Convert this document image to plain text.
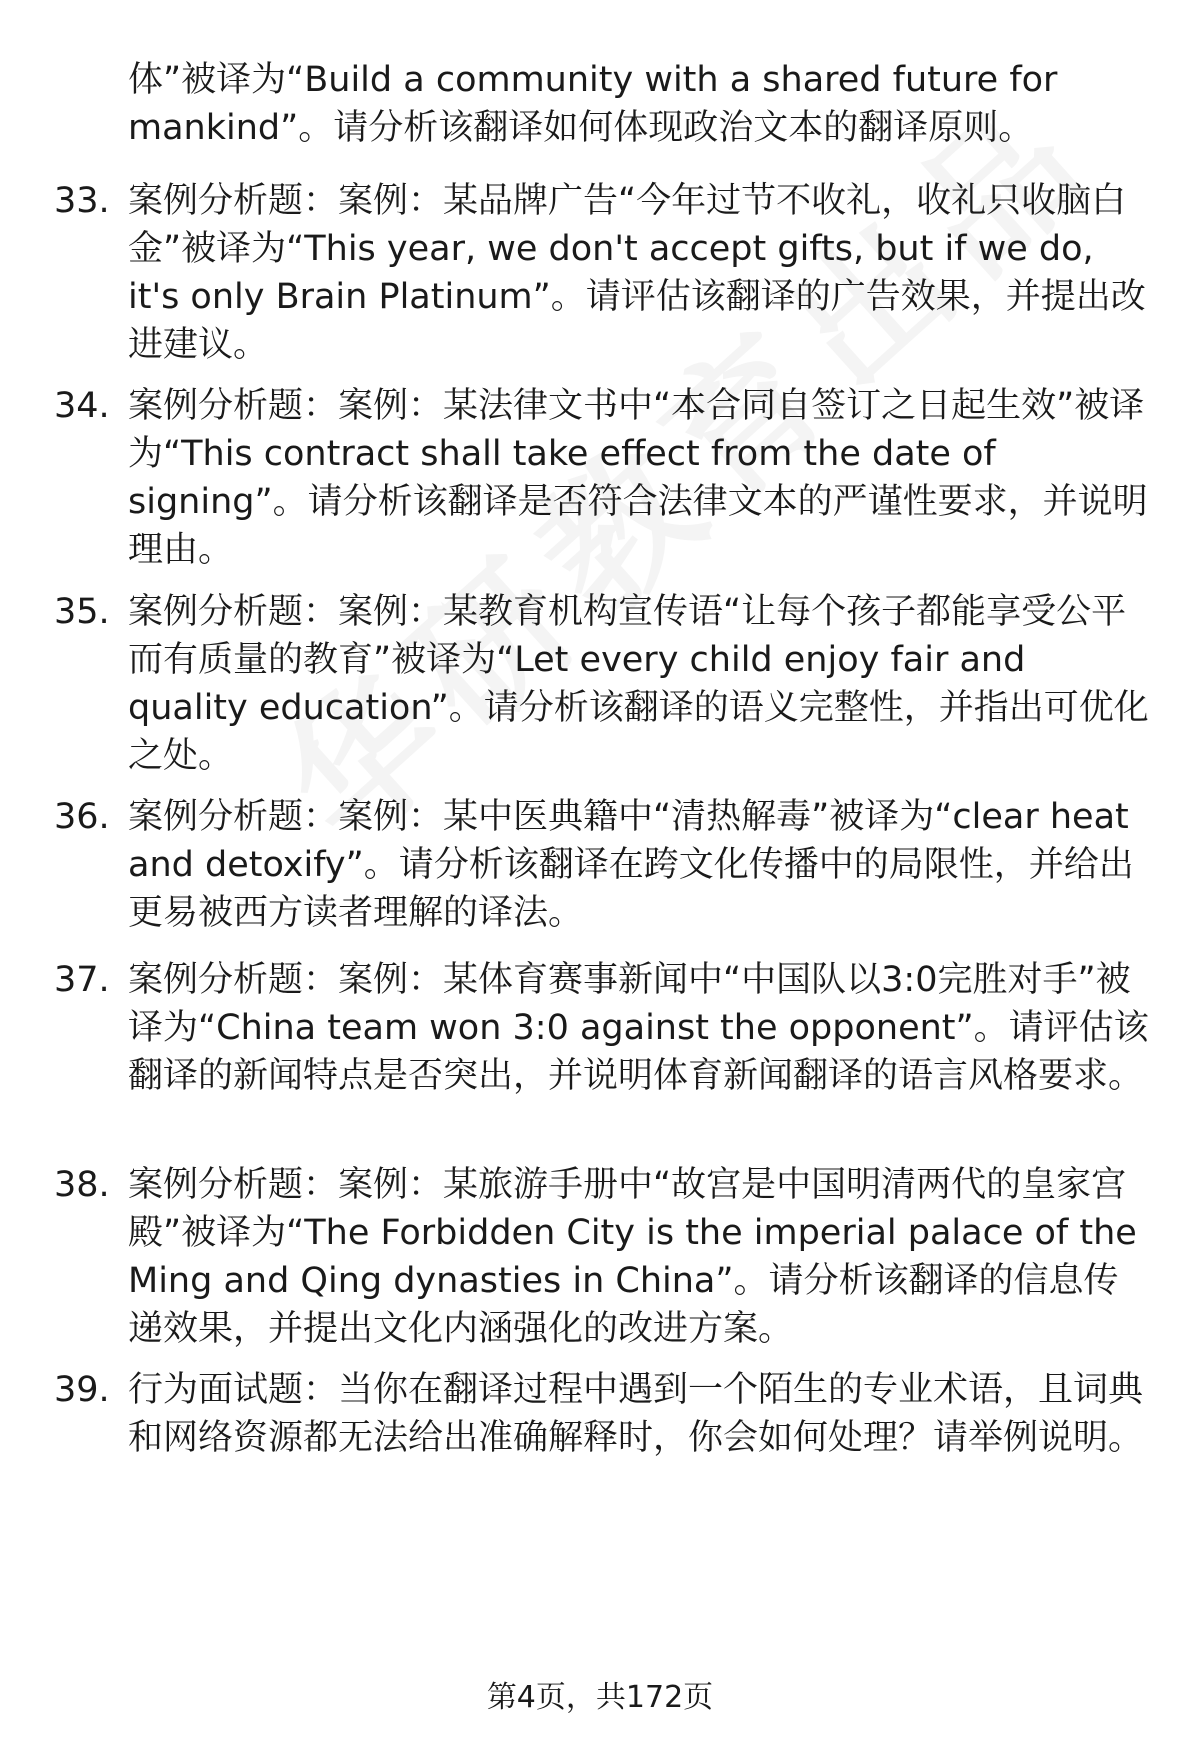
体”被译为“Build a community with a shared future for mankind”。请分析该翻译如何体现政治文本的翻译原则。
33. 案例分析题：案例：某品牌广告“今年过节不收礼，收礼只收脑白金”被译为“This year, we don't accept gifts, but if we do, it's only Brain Platinum”。请评估该翻译的广告效果，并提出改进建议。
34. 案例分析题：案例：某法律文书中“本合同自签订之日起生效”被译为“This contract shall take effect from the date of signing”。请分析该翻译是否符合法律文本的严谨性要求，并说明理由。
35. 案例分析题：案例：某教育机构宣传语“让每个孩子都能享受公平而有质量的教育”被译为“Let every child enjoy fair and quality education”。请分析该翻译的语义完整性，并指出可优化之处。
36. 案例分析题：案例：某中医典籍中“清热解毒”被译为“clear heat and detoxify”。请分析该翻译在跨文化传播中的局限性，并给出更易被西方读者理解的译法。
37. 案例分析题：案例：某体育赛事新闻中“中国队以3:0完胜对手”被译为“China team won 3:0 against the opponent”。请评估该翻译的新闻特点是否突出，并说明体育新闻翻译的语言风格要求。
38. 案例分析题：案例：某旅游手册中“故宫是中国明清两代的皇家宫殿”被译为“The Forbidden City is the imperial palace of the Ming and Qing dynasties in China”。请分析该翻译的信息传递效果，并提出文化内涵强化的改进方案。
39. 行为面试题：当你在翻译过程中遇到一个陌生的专业术语，且词典和网络资源都无法给出准确解释时，你会如何处理？请举例说明。
第4页，共172页
